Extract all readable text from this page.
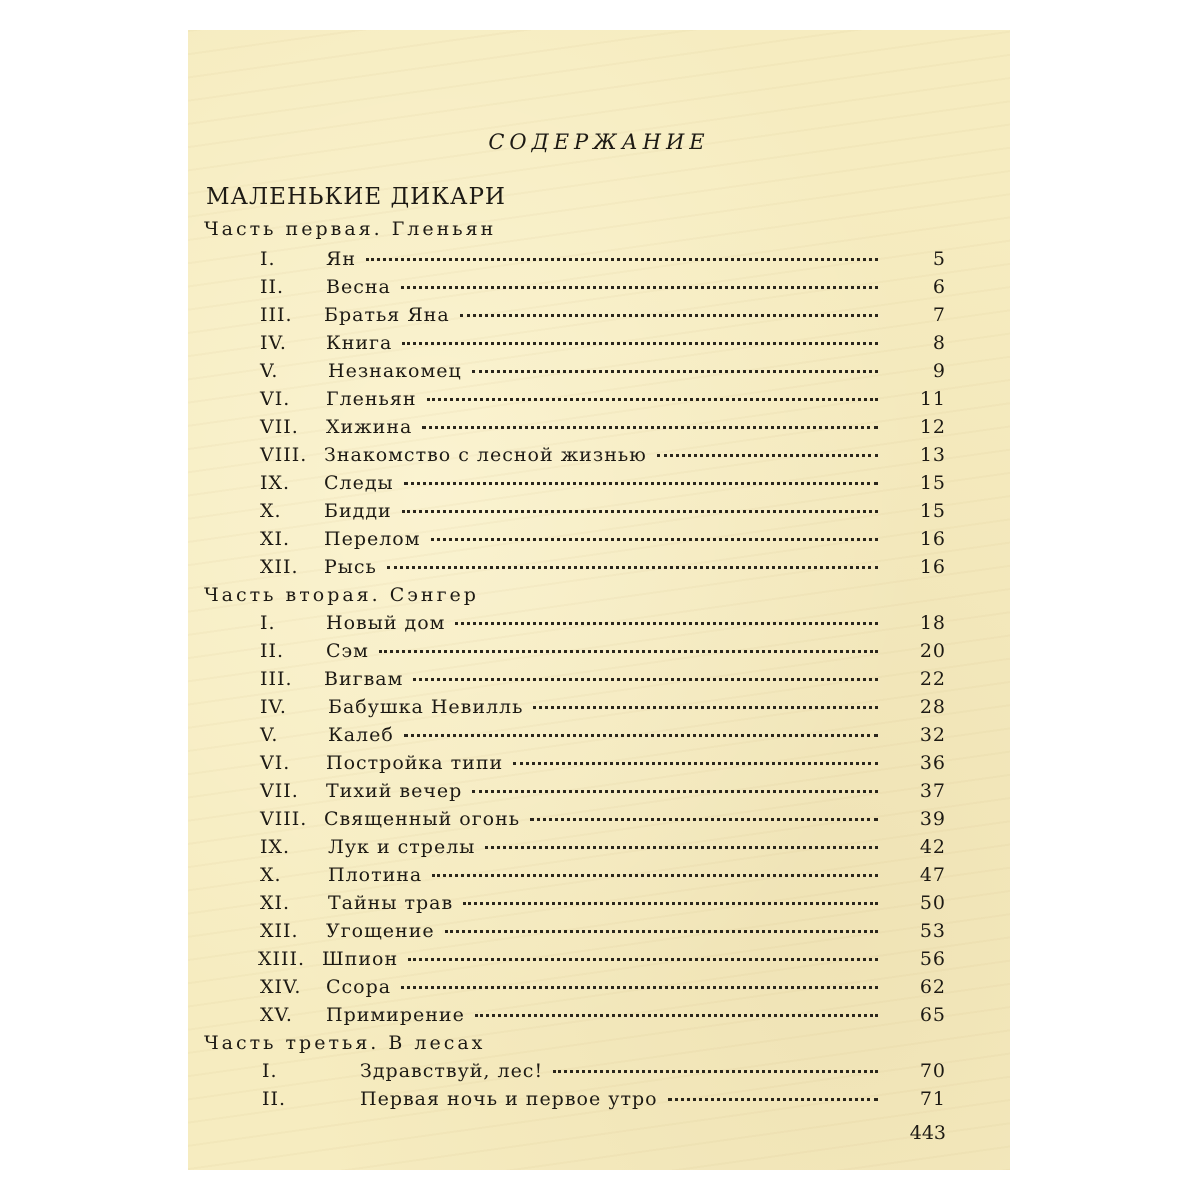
СОДЕРЖАНИЕ
МАЛЕНЬКИЕ ДИКАРИ
Часть первая. Гленьян
I.	Ян	5
II. Весна	6
III. Братья Яна	7
IV. Книга	8
V.	Незнакомец	9
VI. Гленьян	11
VII. Хижина	12
VIII. Знакомство с лесной жизнью	13
IX. Следы	15
X. Бидди	15
XI. Перелом	16
XII. Рысь	16
Часть вторая. Сэнгер
I.	Новый дом	18
II. Сэм	20
III. Вигвам	22
IV. Бабушка Невилль	28
V.	Калеб	32
VI. Постройка типи	36
VII. Тихий вечер	37
VIII. Священный огонь	39
IX. Лук и стрелы	42
X. Плотина	47
XI. Тайны трав	50
XII. Угощение	53
XIII. Шпион	56
XIV. Ссора	62
XV. Примирение	65
Часть третья. В лесах
I.	Здравствуй, лес!	70
II.	Первая ночь и первое утро	71
443
